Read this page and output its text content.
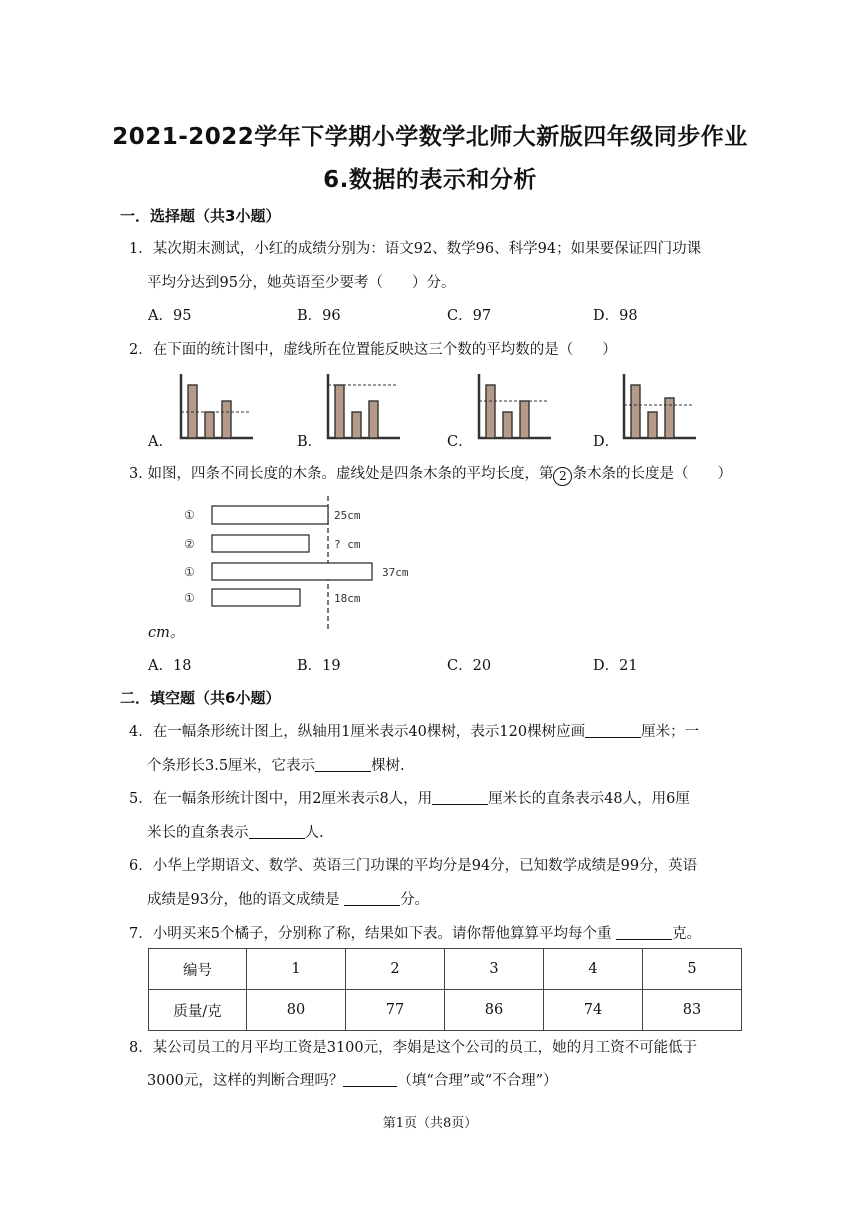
2021-2022学年下学期小学数学北师大新版四年级同步作业
6.数据的表示和分析
一．选择题（共3小题）
1．某次期末测试，小红的成绩分别为：语文92、数学96、科学94；如果要保证四门功课
平均分达到95分，她英语至少要考（　　）分。
A．95	B．96	C．97	D．98
2．在下面的统计图中，虚线所在位置能反映这三个数的平均数的是（　　）
A．	B．	C．	D．
3. 如图，四条不同长度的木条。虚线处是四条木条的平均长度，第 2 条木条的长度是（　　）
①	25cm
②	? cm
①	37cm
①	18cm
cm。
A．18	B．19	C．20	D．21
二．填空题（共6小题）
4．在一幅条形统计图上，纵轴用1厘米表示40棵树，表示120棵树应画	厘米；一
个条形长3.5厘米，它表示	棵树.
5．在一幅条形统计图中，用2厘米表示8人，用	厘米长的直条表示48人，用6厘
米长的直条表示	人.
6．小华上学期语文、数学、英语三门功课的平均分是94分，已知数学成绩是99分，英语
成绩是93分，他的语文成绩是	分。
7．小明买来5个橘子，分别称了称，结果如下表。请你帮他算算平均每个重	克。
编号	1	2	3	4	5
质量/克	80	77	86	74	83
8．某公司员工的月平均工资是3100元，李娟是这个公司的员工，她的月工资不可能低于
3000元，这样的判断合理吗？	（填“合理”或“不合理”）
第1页（共8页）
